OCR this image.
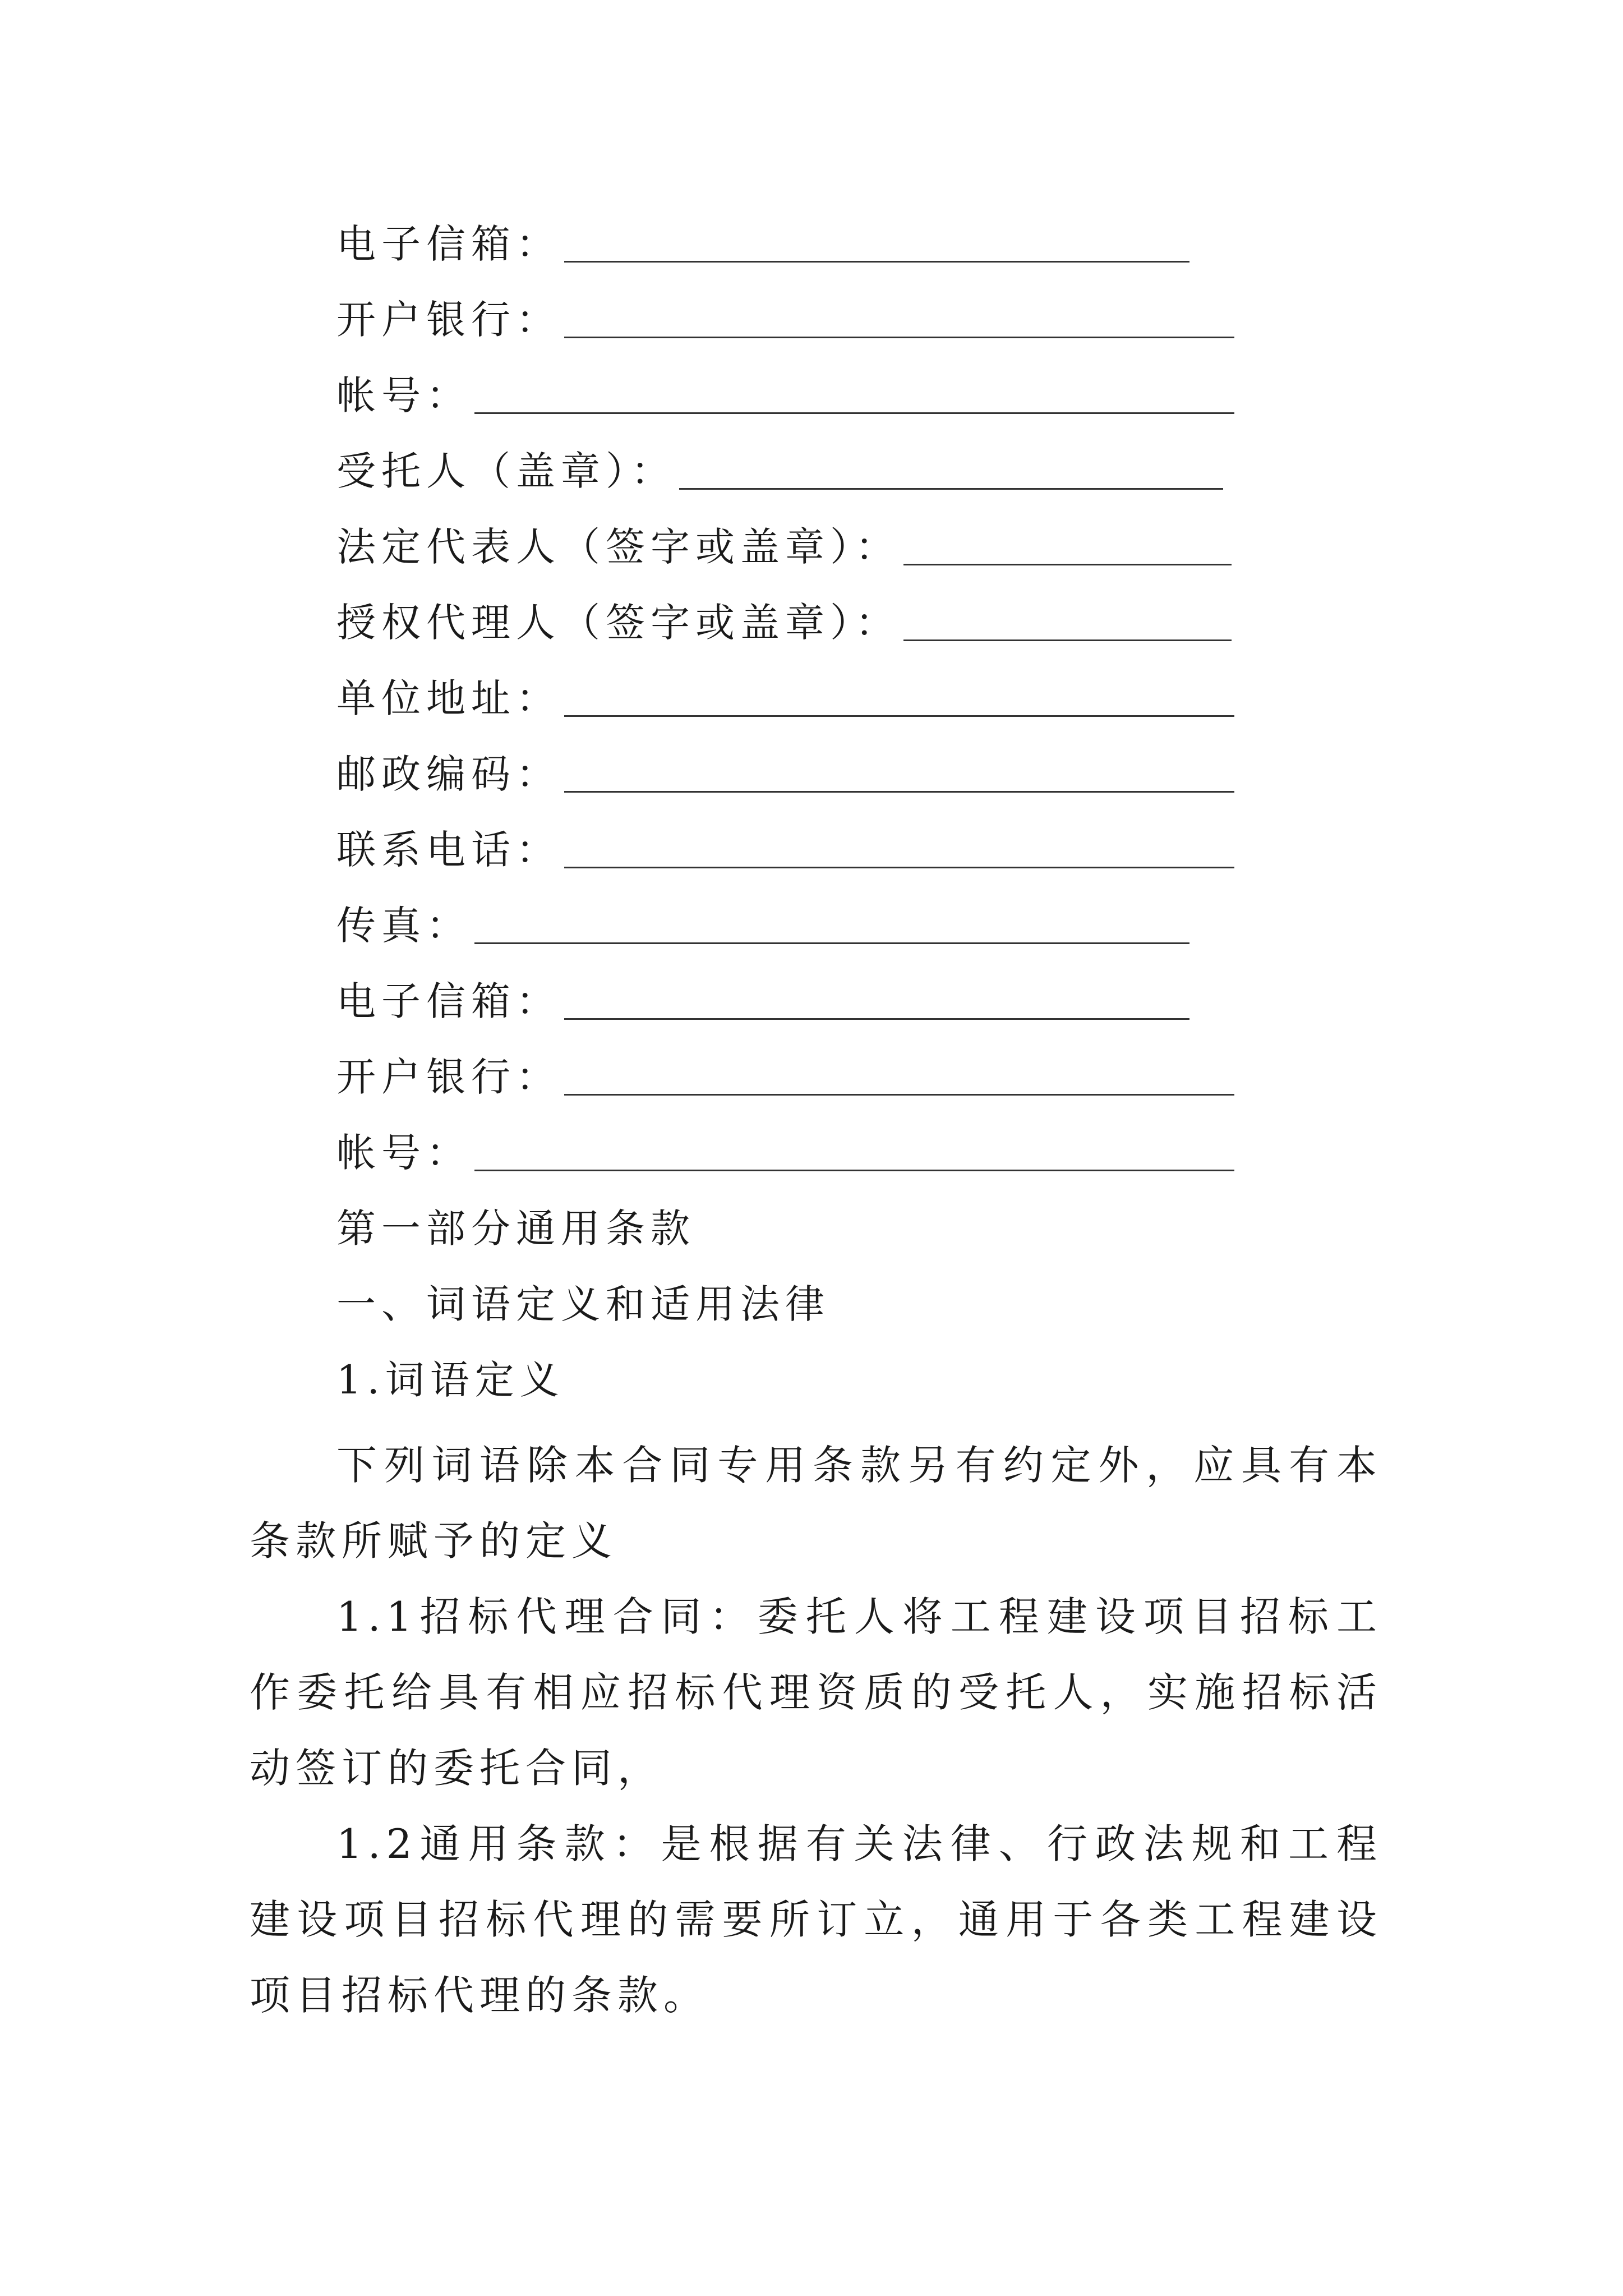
电子信箱：
开户银行：
帐号：
受托人（盖章）：
法定代表人（签字或盖章）：
授权代理人（签字或盖章）：
单位地址：
邮政编码：
联系电话：
传真：
电子信箱：
开户银行：
帐号：
第一部分通用条款
一、词语定义和适用法律
1.词语定义
下列词语除本合同专用条款另有约定外，应具有本条款所赋予的定义
1.1招标代理合同：委托人将工程建设项目招标工作委托给具有相应招标代理资质的受托人，实施招标活动签订的委托合同，
1.2通用条款：是根据有关法律、行政法规和工程建设项目招标代理的需要所订立，通用于各类工程建设项目招标代理的条款。
